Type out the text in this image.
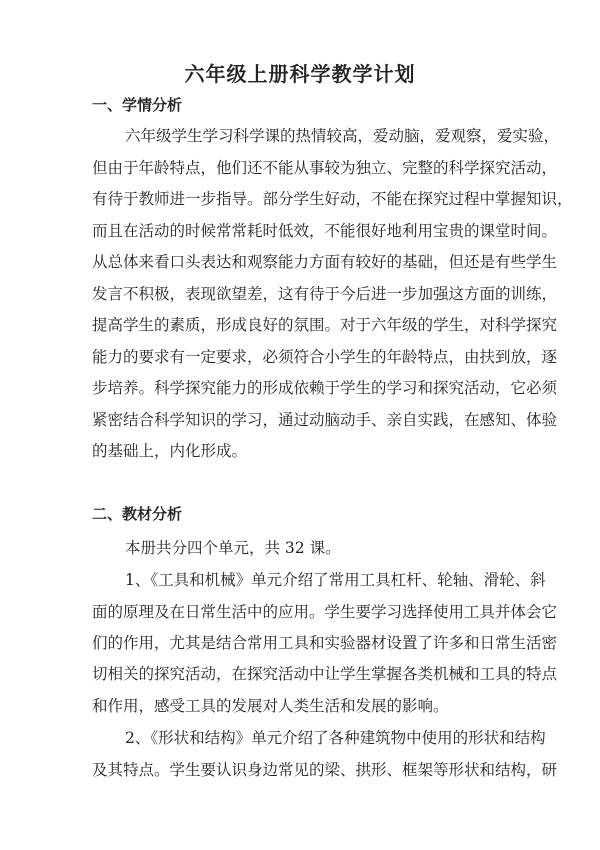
六年级上册科学教学计划
一、学情分析
六年级学生学习科学课的热情较高，爱动脑，爱观察，爱实验，
但由于年龄特点，他们还不能从事较为独立、完整的科学探究活动，
有待于教师进一步指导。部分学生好动，不能在探究过程中掌握知识，
而且在活动的时候常常耗时低效，不能很好地利用宝贵的课堂时间。
从总体来看口头表达和观察能力方面有较好的基础，但还是有些学生
发言不积极，表现欲望差，这有待于今后进一步加强这方面的训练，
提高学生的素质，形成良好的氛围。对于六年级的学生，对科学探究
能力的要求有一定要求，必须符合小学生的年龄特点，由扶到放，逐
步培养。科学探究能力的形成依赖于学生的学习和探究活动，它必须
紧密结合科学知识的学习，通过动脑动手、亲自实践，在感知、体验
的基础上，内化形成。
二、教材分析
本册共分四个单元，共 32 课。
1、《工具和机械》单元介绍了常用工具杠杆、轮轴、滑轮、斜
面的原理及在日常生活中的应用。学生要学习选择使用工具并体会它
们的作用，尤其是结合常用工具和实验器材设置了许多和日常生活密
切相关的探究活动，在探究活动中让学生掌握各类机械和工具的特点
和作用，感受工具的发展对人类生活和发展的影响。
2、《形状和结构》单元介绍了各种建筑物中使用的形状和结构
及其特点。学生要认识身边常见的梁、拱形、框架等形状和结构，研
